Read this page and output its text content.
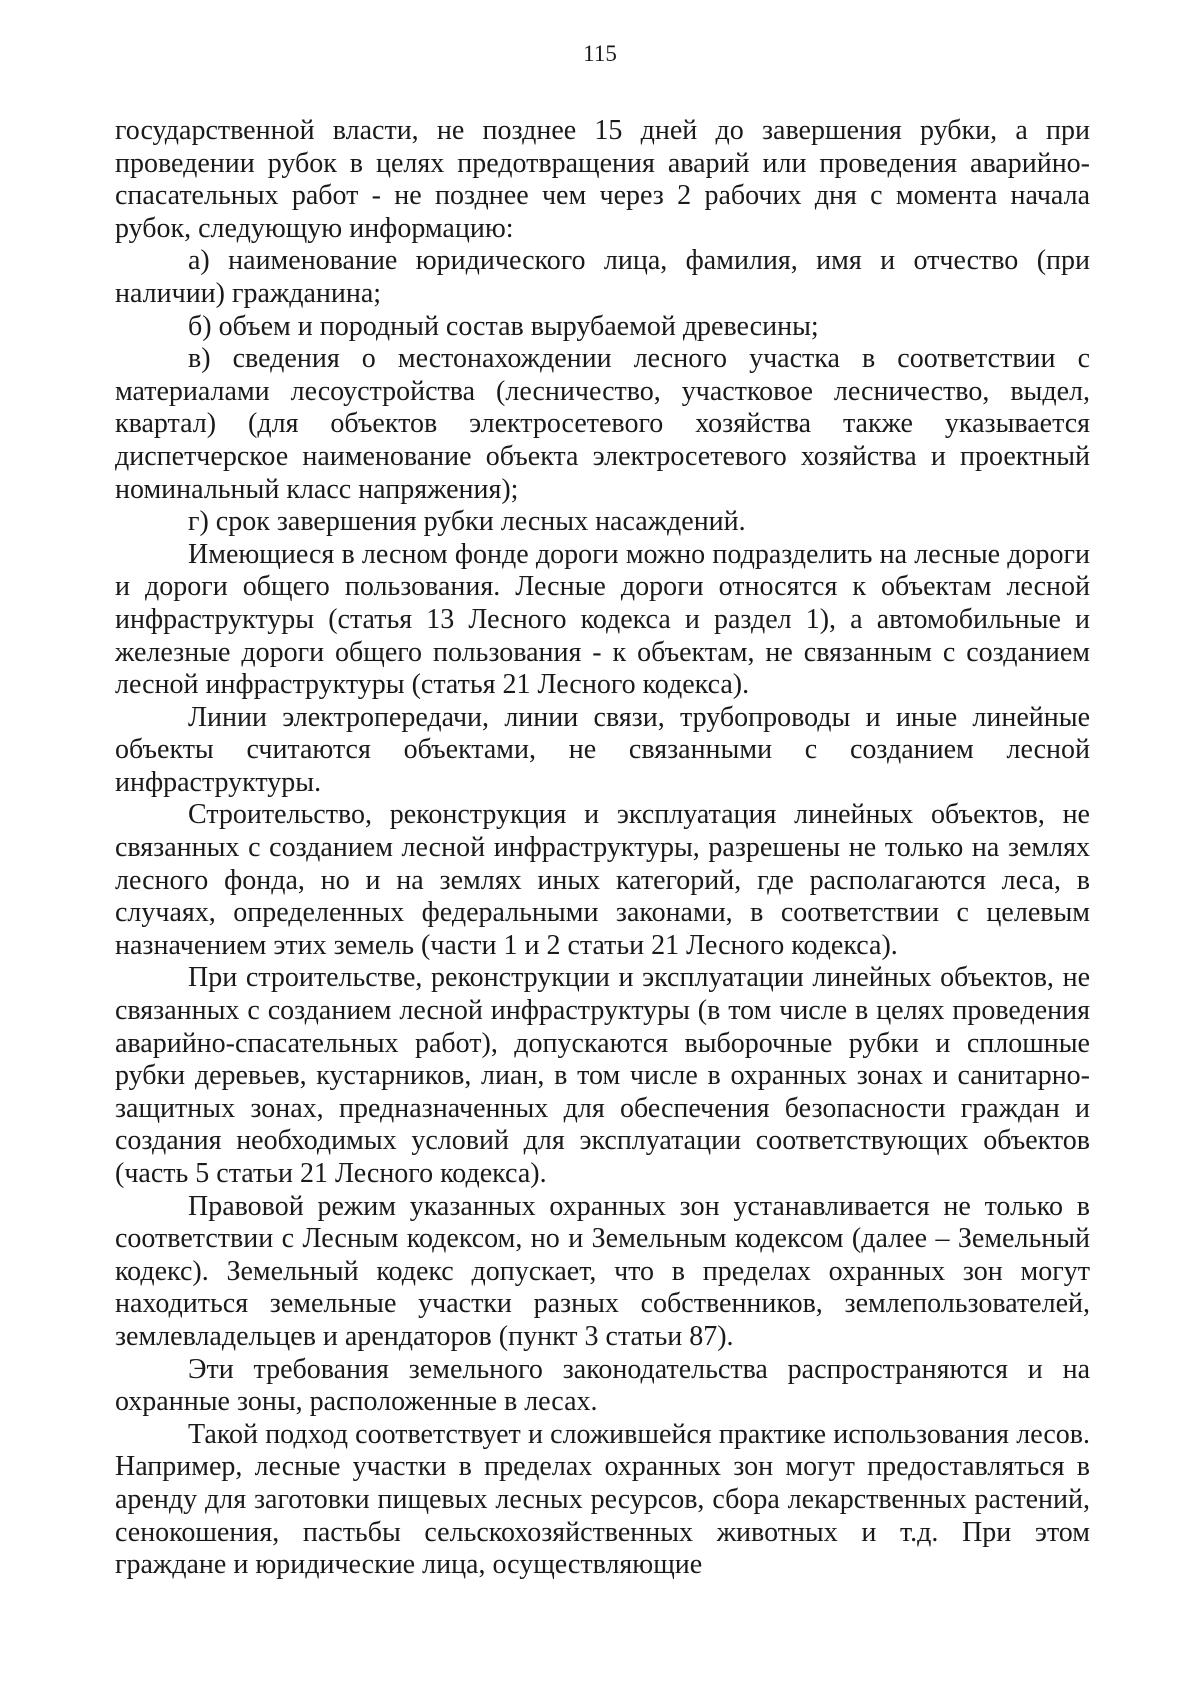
115

государственной власти, не позднее 15 дней до завершения рубки, а при проведении рубок в целях предотвращения аварий или проведения аварийно-спасательных работ - не позднее чем через 2 рабочих дня с момента начала рубок, следующую информацию:

а) наименование юридического лица, фамилия, имя и отчество (при наличии) гражданина;

б) объем и породный состав вырубаемой древесины;

в) сведения о местонахождении лесного участка в соответствии с материалами лесоустройства (лесничество, участковое лесничество, выдел, квартал) (для объектов электросетевого хозяйства также указывается диспетчерское наименование объекта электросетевого хозяйства и проектный номинальный класс напряжения);

г) срок завершения рубки лесных насаждений.

Имеющиеся в лесном фонде дороги можно подразделить на лесные дороги и дороги общего пользования. Лесные дороги относятся к объектам лесной инфраструктуры (статья 13 Лесного кодекса и раздел 1), а автомобильные и железные дороги общего пользования - к объектам, не связанным с созданием лесной инфраструктуры (статья 21 Лесного кодекса).

Линии электропередачи, линии связи, трубопроводы и иные линейные объекты считаются объектами, не связанными с созданием лесной инфраструктуры.

Строительство, реконструкция и эксплуатация линейных объектов, не связанных с созданием лесной инфраструктуры, разрешены не только на землях лесного фонда, но и на землях иных категорий, где располагаются леса, в случаях, определенных федеральными законами, в соответствии с целевым назначением этих земель (части 1 и 2 статьи 21 Лесного кодекса).

При строительстве, реконструкции и эксплуатации линейных объектов, не связанных с созданием лесной инфраструктуры (в том числе в целях проведения аварийно-спасательных работ), допускаются выборочные рубки и сплошные рубки деревьев, кустарников, лиан, в том числе в охранных зонах и санитарно-защитных зонах, предназначенных для обеспечения безопасности граждан и создания необходимых условий для эксплуатации соответствующих объектов (часть 5 статьи 21 Лесного кодекса).

Правовой режим указанных охранных зон устанавливается не только в соответствии с Лесным кодексом, но и Земельным кодексом (далее – Земельный кодекс). Земельный кодекс допускает, что в пределах охранных зон могут находиться земельные участки разных собственников, землепользователей, землевладельцев и арендаторов (пункт 3 статьи 87).

Эти требования земельного законодательства распространяются и на охранные зоны, расположенные в лесах.

Такой подход соответствует и сложившейся практике использования лесов. Например, лесные участки в пределах охранных зон могут предоставляться в аренду для заготовки пищевых лесных ресурсов, сбора лекарственных растений, сенокошения, пастьбы сельскохозяйственных животных и т.д. При этом граждане и юридические лица, осуществляющие
